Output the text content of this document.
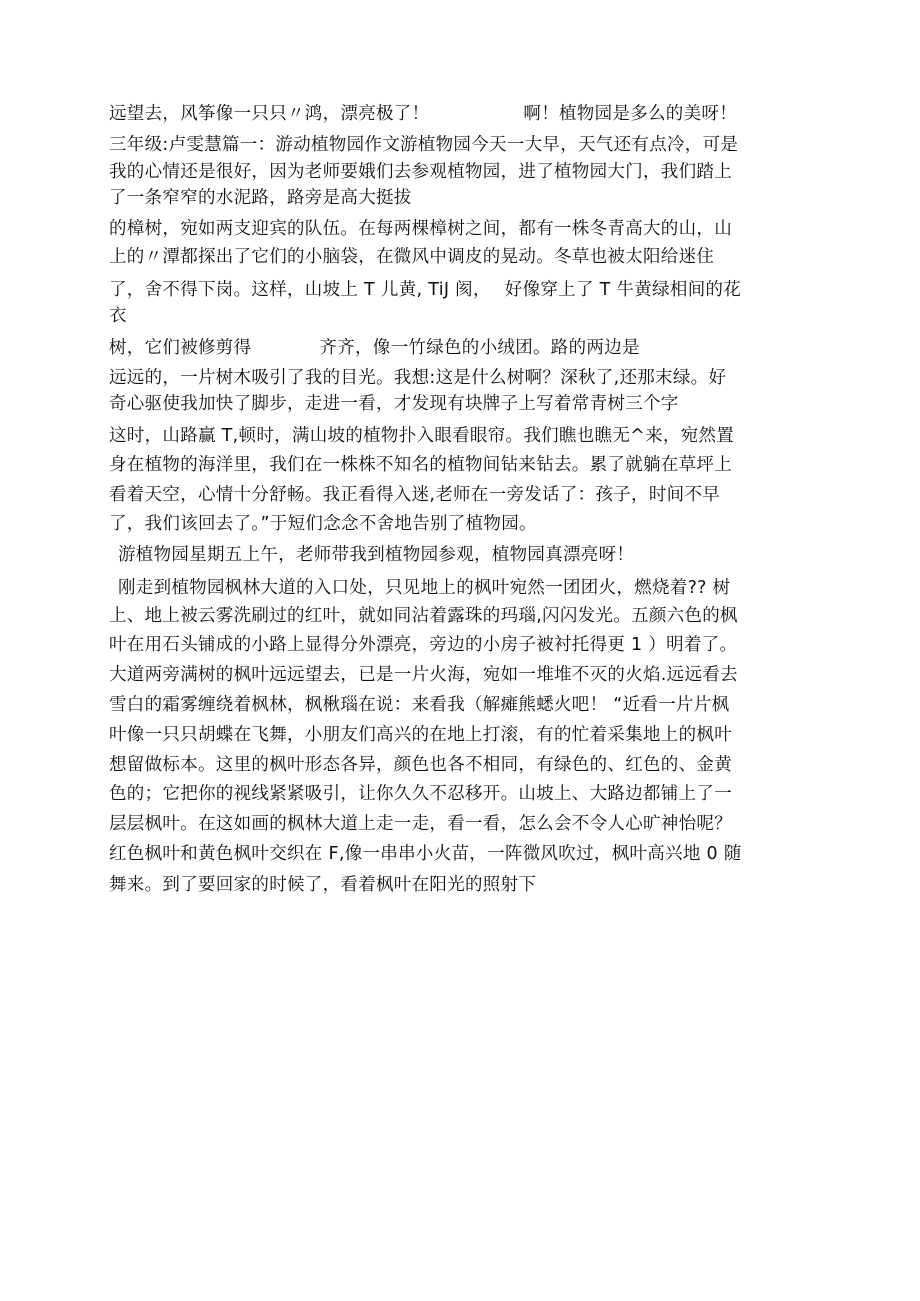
远望去，风筝像一只只〃鸿，漂亮极了！	啊！植物园是多么的美呀！
三年级:卢雯慧篇一：游动植物园作文游植物园今天一大早，天气还有点冷，可是
我的心情还是很好，因为老师要娥们去参观植物园，进了植物园大门，我们踏上
了一条窄窄的水泥路，路旁是高大挺拔
的樟树，宛如两支迎宾的队伍。在每两棵樟树之间，都有一株冬青高大的山，山
上的〃潭都探出了它们的小脑袋，在微风中调皮的晃动。冬草也被太阳给迷住
了，舍不得下岗。这样，山坡上 T 儿黄, TiJ 阂， 好像穿上了 T 牛黄绿相间的花
衣
树，它们被修剪得	齐齐，像一竹绿色的小绒团。路的两边是
远远的，一片树木吸引了我的目光。我想:这是什么树啊？深秋了,还那末绿。好
奇心驱使我加快了脚步，走进一看，才发现有块牌子上写着常青树三个字
这时，山路赢 T,顿时，满山坡的植物扑入眼看眼帘。我们瞧也瞧无^来，宛然置
身在植物的海洋里，我们在一株株不知名的植物间钻来钻去。累了就躺在草坪上
看着天空，心情十分舒畅。我正看得入迷,老师在一旁发话了：孩子，时间不早
了，我们该回去了。”于短们念念不舍地告别了植物园。
游植物园星期五上午，老师带我到植物园参观，植物园真漂亮呀！
刚走到植物园枫林大道的入口处，只见地上的枫叶宛然一团团火，燃烧着?? 树
上、地上被云雾洗刷过的红叶，就如同沾着露珠的玛瑙,闪闪发光。五颜六色的枫
叶在用石头铺成的小路上显得分外漂亮，旁边的小房子被衬托得更 1 ）明着了。
大道两旁满树的枫叶远远望去，已是一片火海，宛如一堆堆不灭的火焰.远远看去
雪白的霜雾缠绕着枫林，枫楸瑙在说：来看我（解瘫熊蟋火吧！ “近看一片片枫
叶像一只只胡蝶在飞舞，小朋友们高兴的在地上打滚，有的忙着采集地上的枫叶
想留做标本。这里的枫叶形态各异，颜色也各不相同，有绿色的、红色的、金黄
色的；它把你的视线紧紧吸引，让你久久不忍移开。山坡上、大路边都铺上了一
层层枫叶。在这如画的枫林大道上走一走，看一看，怎么会不令人心旷神怡呢？
红色枫叶和黄色枫叶交织在 F,像一串串小火苗，一阵微风吹过，枫叶高兴地 0 随
舞来。到了要回家的时候了，看着枫叶在阳光的照射下
